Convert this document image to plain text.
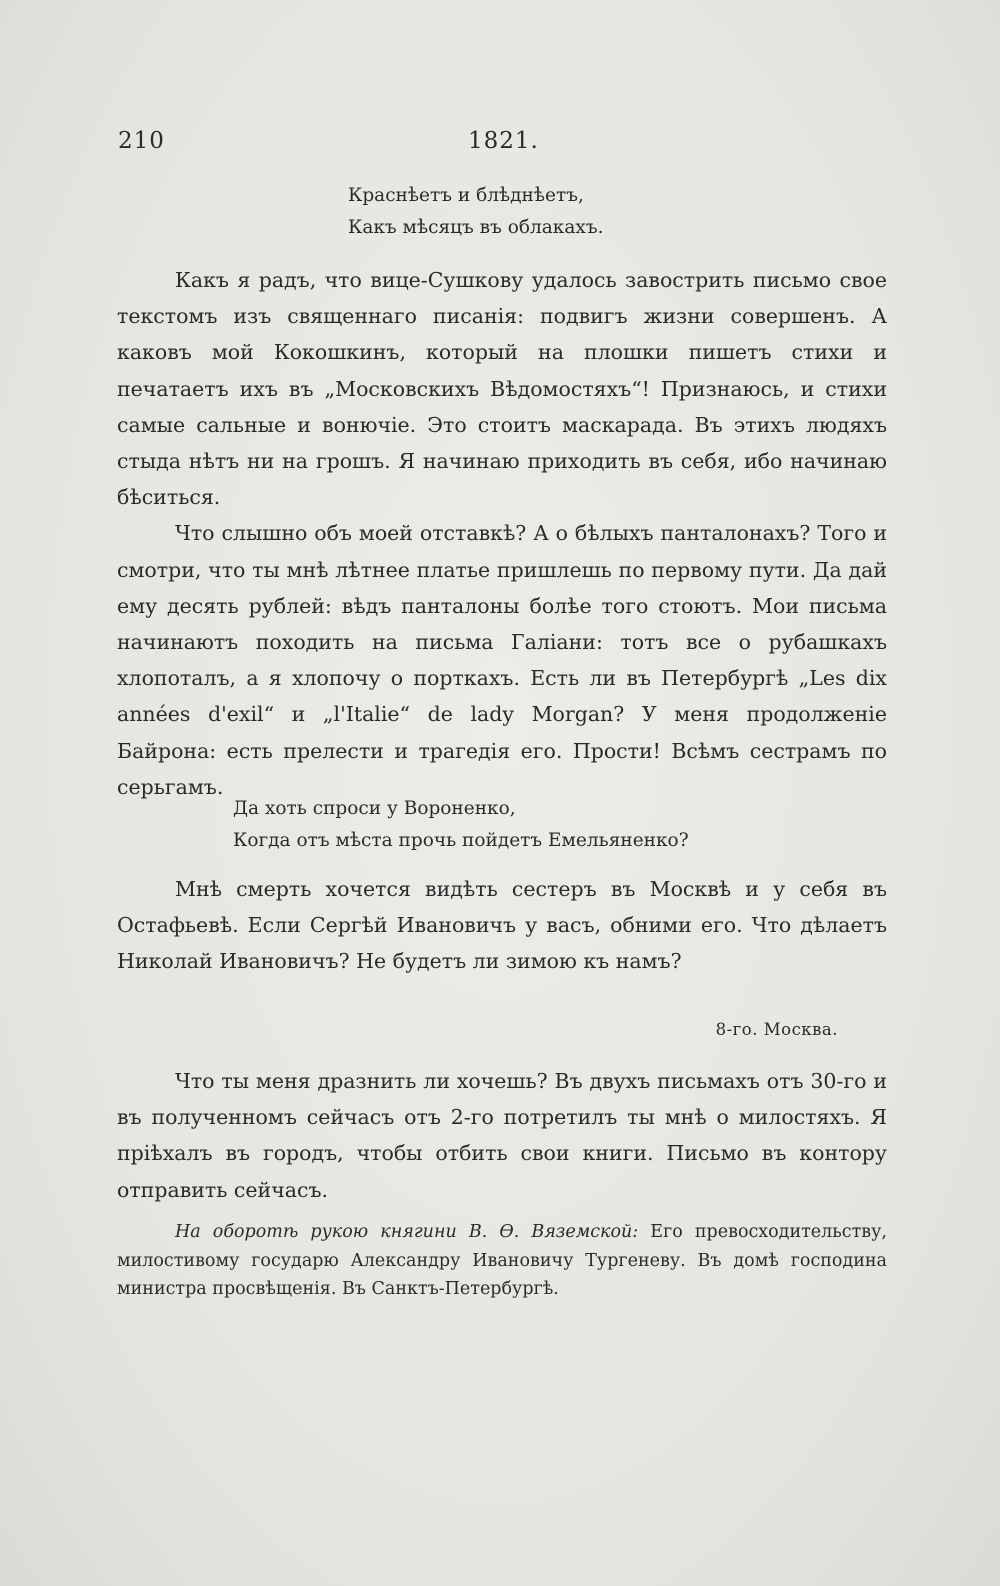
210	1821.
Краснѣетъ и блѣднѣетъ,
Какъ мѣсяцъ въ облакахъ.

Какъ я радъ, что вице-Сушкову удалось завострить письмо свое текстомъ изъ священнаго писанія: подвигъ жизни совершенъ. А каковъ мой Кокошкинъ, который на плошки пишетъ стихи и печатаетъ ихъ въ „Московскихъ Вѣдомостяхъ“! Признаюсь, и стихи самые сальные и вонючіе. Это стоитъ маскарада. Въ этихъ людяхъ стыда нѣтъ ни на грошъ. Я начинаю приходить въ себя, ибо начинаю бѣситься.

Что слышно объ моей отставкѣ? А о бѣлыхъ панталонахъ? Того и смотри, что ты мнѣ лѣтнее платье пришлешь по первому пути. Да дай ему десять рублей: вѣдъ панталоны болѣе того стоютъ. Мои письма начинаютъ походить на письма Галіани: тотъ все о рубашкахъ хлопоталъ, а я хлопочу о порткахъ. Есть ли въ Петербургѣ „Les dix années d'exil“ и „l'Italie“ de lady Morgan? У меня продолженіе Байрона: есть прелести и трагедія его. Прости! Всѣмъ сестрамъ по серьгамъ.

Да хоть спроси у Вороненко,
Когда отъ мѣста прочь пойдетъ Емельяненко?

Мнѣ смерть хочется видѣть сестеръ въ Москвѣ и у себя въ Остафьевѣ. Если Сергѣй Ивановичъ у васъ, обними его. Что дѣлаетъ Николай Ивановичъ? Не будетъ ли зимою къ намъ?

8-го. Москва.

Что ты меня дразнить ли хочешь? Въ двухъ письмахъ отъ 30-го и въ полученномъ сейчасъ отъ 2-го потретилъ ты мнѣ о милостяхъ. Я пріѣхалъ въ городъ, чтобы отбить свои книги. Письмо въ контору отправить сейчасъ.

На оборотѣ рукою княгини В. Ѳ. Вяземской: Его превосходительству, милостивому государю Александру Ивановичу Тургеневу. Въ домѣ господина министра просвѣщенія. Въ Санктъ-Петербургѣ.
